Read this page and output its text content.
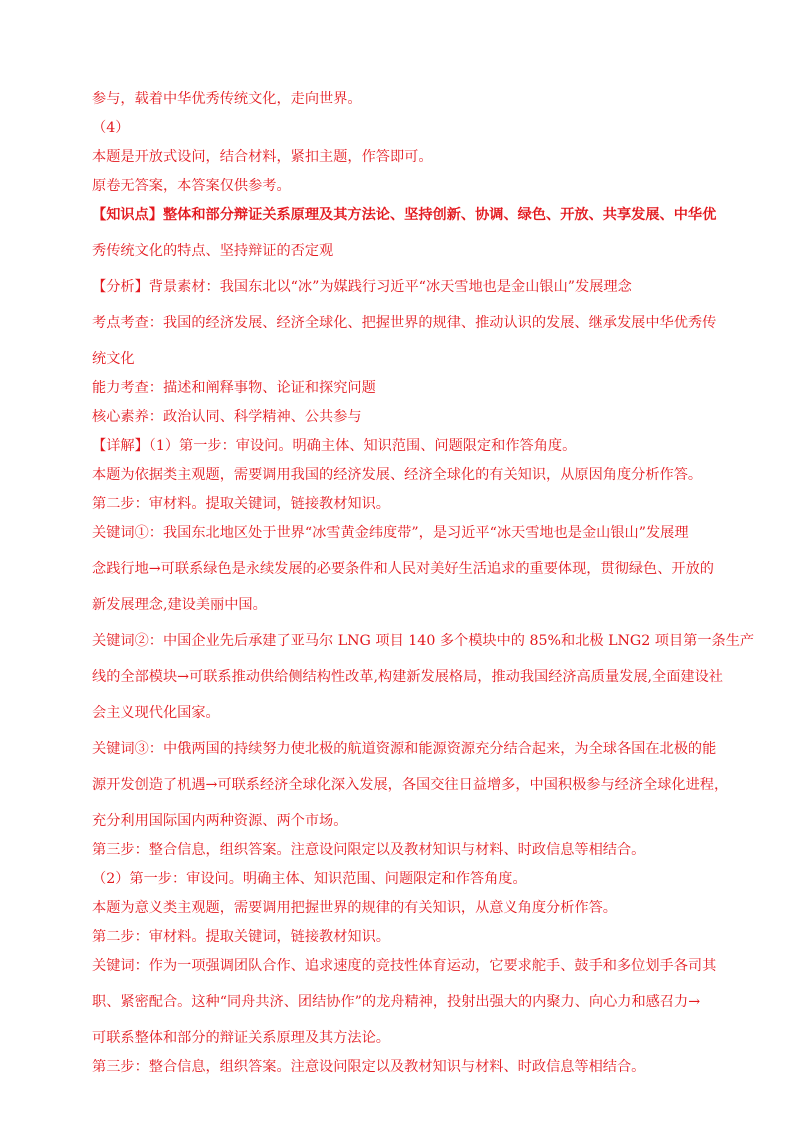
参与，载着中华优秀传统文化，走向世界。

（4）

本题是开放式设问，结合材料，紧扣主题，作答即可。

原卷无答案，本答案仅供参考。

【知识点】整体和部分辩证关系原理及其方法论、坚持创新、协调、绿色、开放、共享发展、中华优

秀传统文化的特点、坚持辩证的否定观

【分析】背景素材：我国东北以“冰”为媒践行习近平“冰天雪地也是金山银山”发展理念

考点考查：我国的经济发展、经济全球化、把握世界的规律、推动认识的发展、继承发展中华优秀传

统文化

能力考查：描述和阐释事物、论证和探究问题

核心素养：政治认同、科学精神、公共参与

【详解】（1）第一步：审设问。明确主体、知识范围、问题限定和作答角度。

本题为依据类主观题，需要调用我国的经济发展、经济全球化的有关知识，从原因角度分析作答。

第二步：审材料。提取关键词，链接教材知识。

关键词①：我国东北地区处于世界“冰雪黄金纬度带”，是习近平“冰天雪地也是金山银山”发展理

念践行地→可联系绿色是永续发展的必要条件和人民对美好生活追求的重要体现，贯彻绿色、开放的

新发展理念,建设美丽中国。

关键词②：中国企业先后承建了亚马尔 LNG 项目 140 多个模块中的 85%和北极 LNG2 项目第一条生产

线的全部模块→可联系推动供给侧结构性改革,构建新发展格局，推动我国经济高质量发展,全面建设社

会主义现代化国家。

关键词③：中俄两国的持续努力使北极的航道资源和能源资源充分结合起来，为全球各国在北极的能

源开发创造了机遇→可联系经济全球化深入发展，各国交往日益增多，中国积极参与经济全球化进程，

充分利用国际国内两种资源、两个市场。

第三步：整合信息，组织答案。注意设问限定以及教材知识与材料、时政信息等相结合。

（2）第一步：审设问。明确主体、知识范围、问题限定和作答角度。

本题为意义类主观题，需要调用把握世界的规律的有关知识，从意义角度分析作答。

第二步：审材料。提取关键词，链接教材知识。

关键词：作为一项强调团队合作、追求速度的竞技性体育运动，它要求舵手、鼓手和多位划手各司其

职、紧密配合。这种“同舟共济、团结协作”的龙舟精神，投射出强大的内聚力、向心力和感召力→

可联系整体和部分的辩证关系原理及其方法论。

第三步：整合信息，组织答案。注意设问限定以及教材知识与材料、时政信息等相结合。
